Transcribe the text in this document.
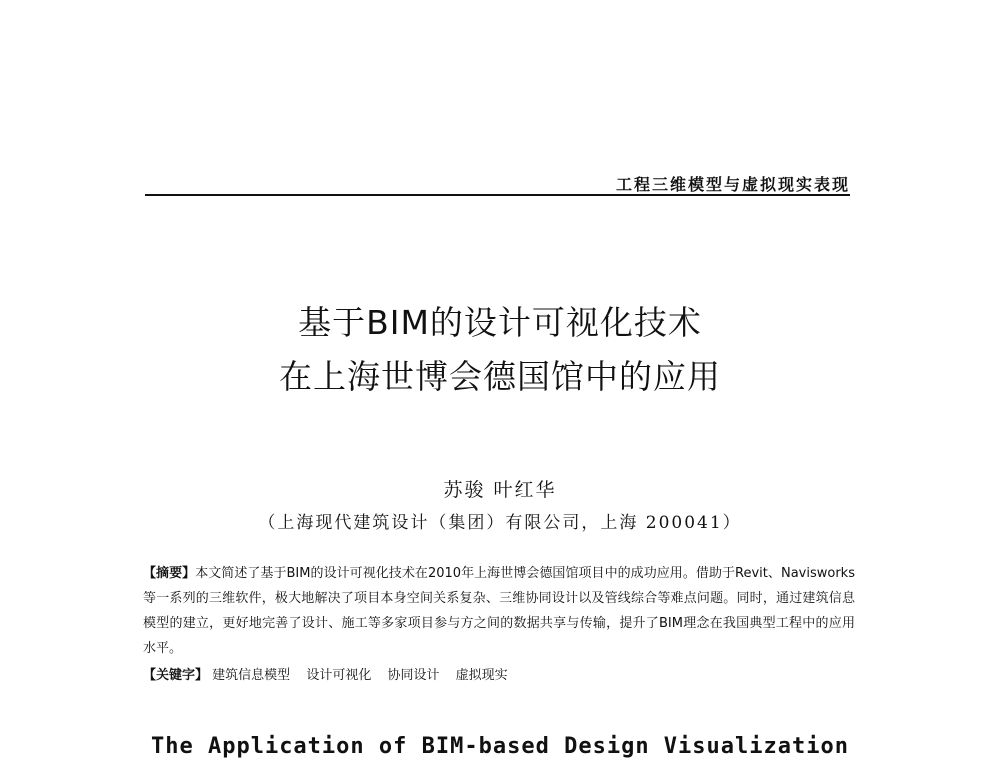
工程三维模型与虚拟现实表现
基于BIM的设计可视化技术
在上海世博会德国馆中的应用
苏骏 叶红华
（上海现代建筑设计（集团）有限公司，上海 200041）
【摘要】本文简述了基于BIM的设计可视化技术在2010年上海世博会德国馆项目中的成功应用。借助于Revit、Navisworks等一系列的三维软件，极大地解决了项目本身空间关系复杂、三维协同设计以及管线综合等难点问题。同时，通过建筑信息模型的建立，更好地完善了设计、施工等多家项目参与方之间的数据共享与传输，提升了BIM理念在我国典型工程中的应用水平。
【关键字】 建筑信息模型 设计可视化 协同设计 虚拟现实
The Application of BIM-based Design Visualization
